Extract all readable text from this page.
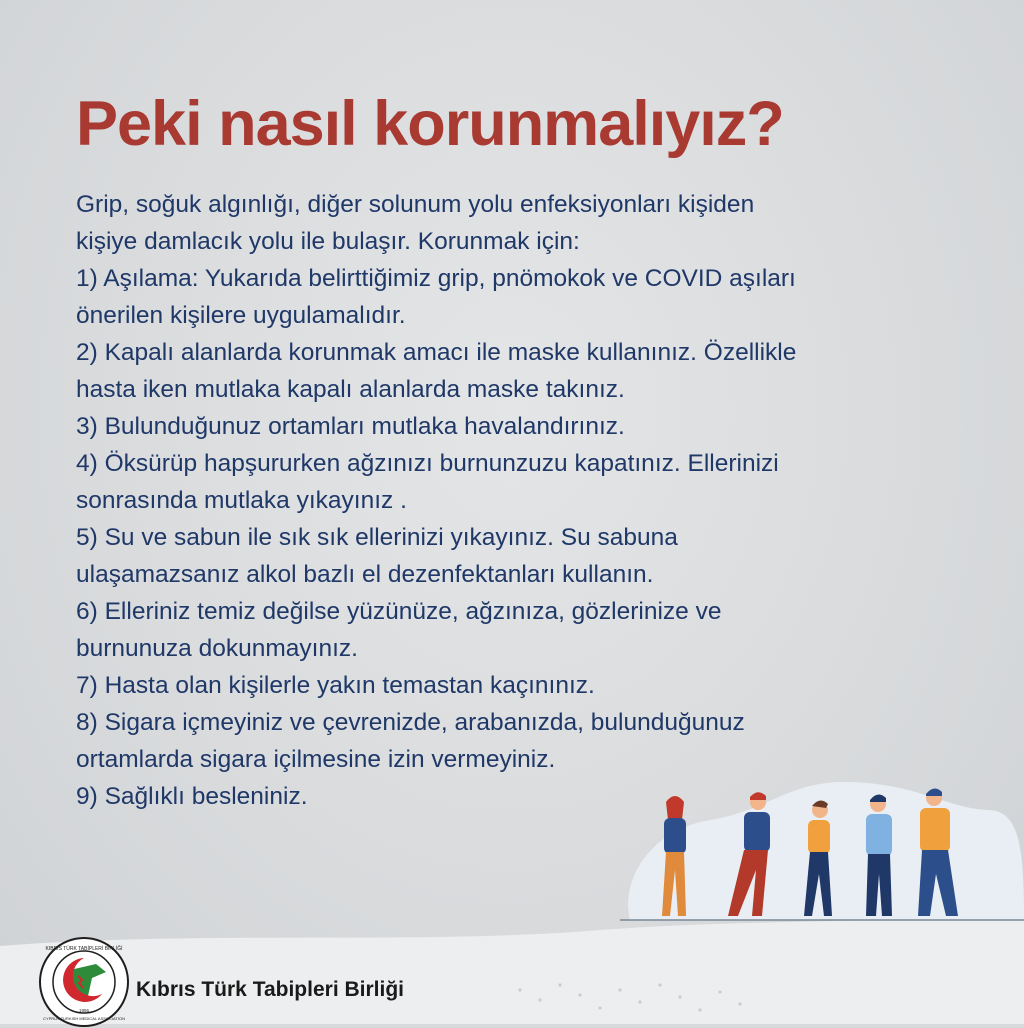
Peki nasıl korunmalıyız?
Grip, soğuk algınlığı, diğer solunum yolu enfeksiyonları kişiden
kişiye damlacık yolu ile bulaşır. Korunmak için:
1) Aşılama: Yukarıda belirttiğimiz grip, pnömokok ve COVID aşıları
önerilen kişilere uygulamalıdır.
2) Kapalı alanlarda korunmak amacı ile maske kullanınız. Özellikle
hasta iken mutlaka kapalı alanlarda maske takınız.
3) Bulunduğunuz ortamları mutlaka havalandırınız.
4) Öksürüp hapşururken ağzınızı burnunzuzu kapatınız. Ellerinizi
sonrasında mutlaka yıkayınız .
5) Su ve sabun ile sık sık ellerinizi yıkayınız. Su sabuna
ulaşamazsanız alkol bazlı el dezenfektanları kullanın.
6) Elleriniz temiz değilse yüzünüze, ağzınıza, gözlerinize ve
burnunuza dokunmayınız.
7) Hasta olan kişilerle yakın temastan kaçınınız.
8) Sigara içmeyiniz ve çevrenizde, arabanızda, bulunduğunuz
ortamlarda sigara içilmesine izin vermeyiniz.
9) Sağlıklı besleniniz.
KIBRIS TÜRK TABİPLERİ BİRLİĞİ
CYPRUS TURKISH MEDICAL ASSOCIATION
1956
Kıbrıs Türk Tabipleri Birliği
